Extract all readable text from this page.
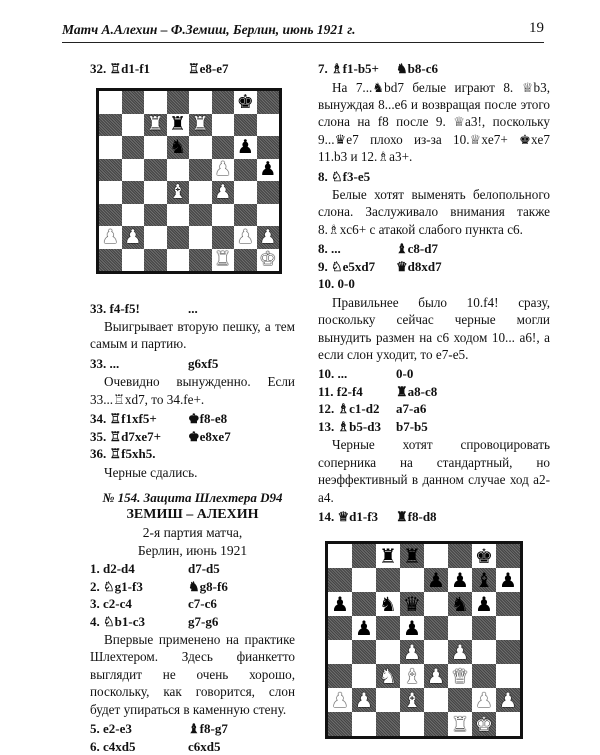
Матч А.Алехин – Ф.Земиш, Берлин, июнь 1921 г.	19
32. ♖d1-f1	♖e8-e7
33. f4-f5!	...

Выигрывает вторую пешку, а тем самым и партию.

33. ...	g6xf5

Очевидно вынужденно. Если 33...♖xd7, то 34.fe+.

34. ♖f1xf5+	♚f8-e8
35. ♖d7xe7+	♚e8xe7
36. ♖f5xh5.

Черные сдались.

№ 154. Защита Шлехтера D94
ЗЕМИШ – АЛЕХИН
2-я партия матча,
Берлин, июнь 1921
1. d2-d4	d7-d5
2. ♘g1-f3	♞g8-f6
3. c2-c4	c7-c6
4. ♘b1-c3	g7-g6

Впервые применено на практике Шлехтером. Здесь фианкетто выглядит не очень хорошо, поскольку, как говорится, слон будет упираться в каменную стену.

5. e2-e3	♝f8-g7
6. c4xd5	c6xd5
7. ♗f1-b5+	♞b8-c6

На 7...♞bd7 белые играют 8. ♕b3, вынуждая 8...e6 и возвращая после этого слона на f8 после 9. ♕a3!, поскольку 9...♛e7 плохо из-за 10.♕xe7+ ♚xe7 11.b3 и 12.♗a3+.

8. ♘f3-e5

Белые хотят выменять белопольного слона. Заслуживало внимания также 8.♗xc6+ с атакой слабого пункта c6.

8. ...	♝c8-d7
9. ♘e5xd7	♛d8xd7
10. 0-0

Правильнее было 10.f4! сразу, поскольку сейчас черные могли вынудить размен на c6 ходом 10... a6!, а если слон уходит, то e7-e5.

10. ...	0-0
11. f2-f4	♜a8-c8
12. ♗c1-d2	a7-a6
13. ♗b5-d3	b7-b5

Черные хотят спровоцировать соперника на стандартный, но неэффективный в данном случае ход a2-a4.

14. ♕d1-f3	♜f8-d8
♚
♜ ♜ ♜
♞	♟
♟ ♟
♝ ♟
♟ ♟	♟ ♟
♜ ♚
♜ ♜	♚
♟ ♟ ♝ ♟
♟ ♞ ♛ ♞ ♟
♟ ♟
♟ ♟
♞ ♝ ♟ ♛
♟ ♟ ♝	♟ ♟
♜ ♚
